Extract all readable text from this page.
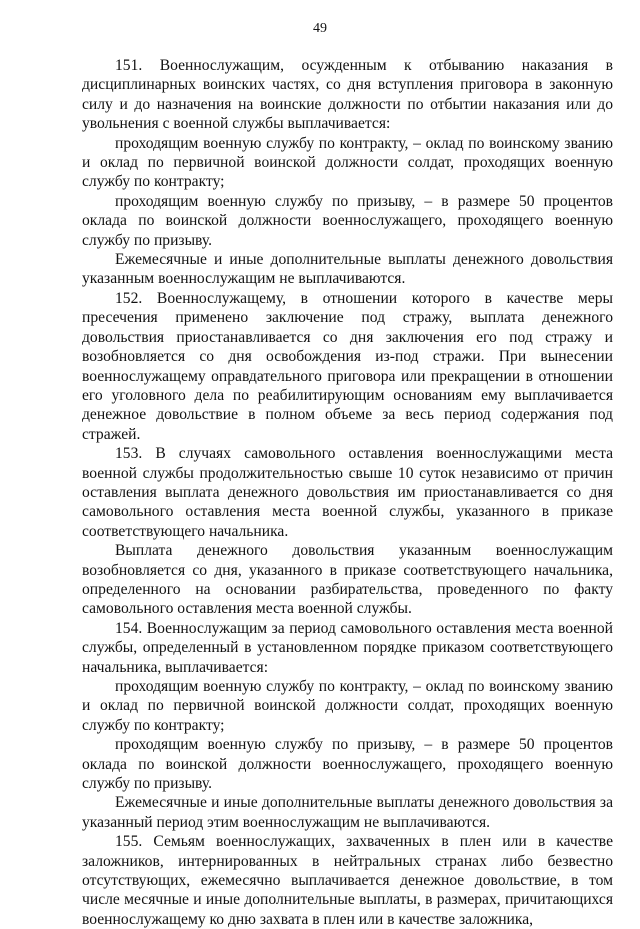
49

151. Военнослужащим, осужденным к отбыванию наказания в дисциплинарных воинских частях, со дня вступления приговора в законную силу и до назначения на воинские должности по отбытии наказания или до увольнения с военной службы выплачивается:

проходящим военную службу по контракту, – оклад по воинскому званию и оклад по первичной воинской должности солдат, проходящих военную службу по контракту;

проходящим военную службу по призыву, – в размере 50 процентов оклада по воинской должности военнослужащего, проходящего военную службу по призыву.

Ежемесячные и иные дополнительные выплаты денежного довольствия указанным военнослужащим не выплачиваются.

152. Военнослужащему, в отношении которого в качестве меры пресечения применено заключение под стражу, выплата денежного довольствия приостанавливается со дня заключения его под стражу и возобновляется со дня освобождения из-под стражи. При вынесении военнослужащему оправдательного приговора или прекращении в отношении его уголовного дела по реабилитирующим основаниям ему выплачивается денежное довольствие в полном объеме за весь период содержания под стражей.

153. В случаях самовольного оставления военнослужащими места военной службы продолжительностью свыше 10 суток независимо от причин оставления выплата денежного довольствия им приостанавливается со дня самовольного оставления места военной службы, указанного в приказе соответствующего начальника.

Выплата денежного довольствия указанным военнослужащим возобновляется со дня, указанного в приказе соответствующего начальника, определенного на основании разбирательства, проведенного по факту самовольного оставления места военной службы.

154. Военнослужащим за период самовольного оставления места военной службы, определенный в установленном порядке приказом соответствующего начальника, выплачивается:

проходящим военную службу по контракту, – оклад по воинскому званию и оклад по первичной воинской должности солдат, проходящих военную службу по контракту;

проходящим военную службу по призыву, – в размере 50 процентов оклада по воинской должности военнослужащего, проходящего военную службу по призыву.

Ежемесячные и иные дополнительные выплаты денежного довольствия за указанный период этим военнослужащим не выплачиваются.

155. Семьям военнослужащих, захваченных в плен или в качестве заложников, интернированных в нейтральных странах либо безвестно отсутствующих, ежемесячно выплачивается денежное довольствие, в том числе месячные и иные дополнительные выплаты, в размерах, причитающихся военнослужащему ко дню захвата в плен или в качестве заложника,
